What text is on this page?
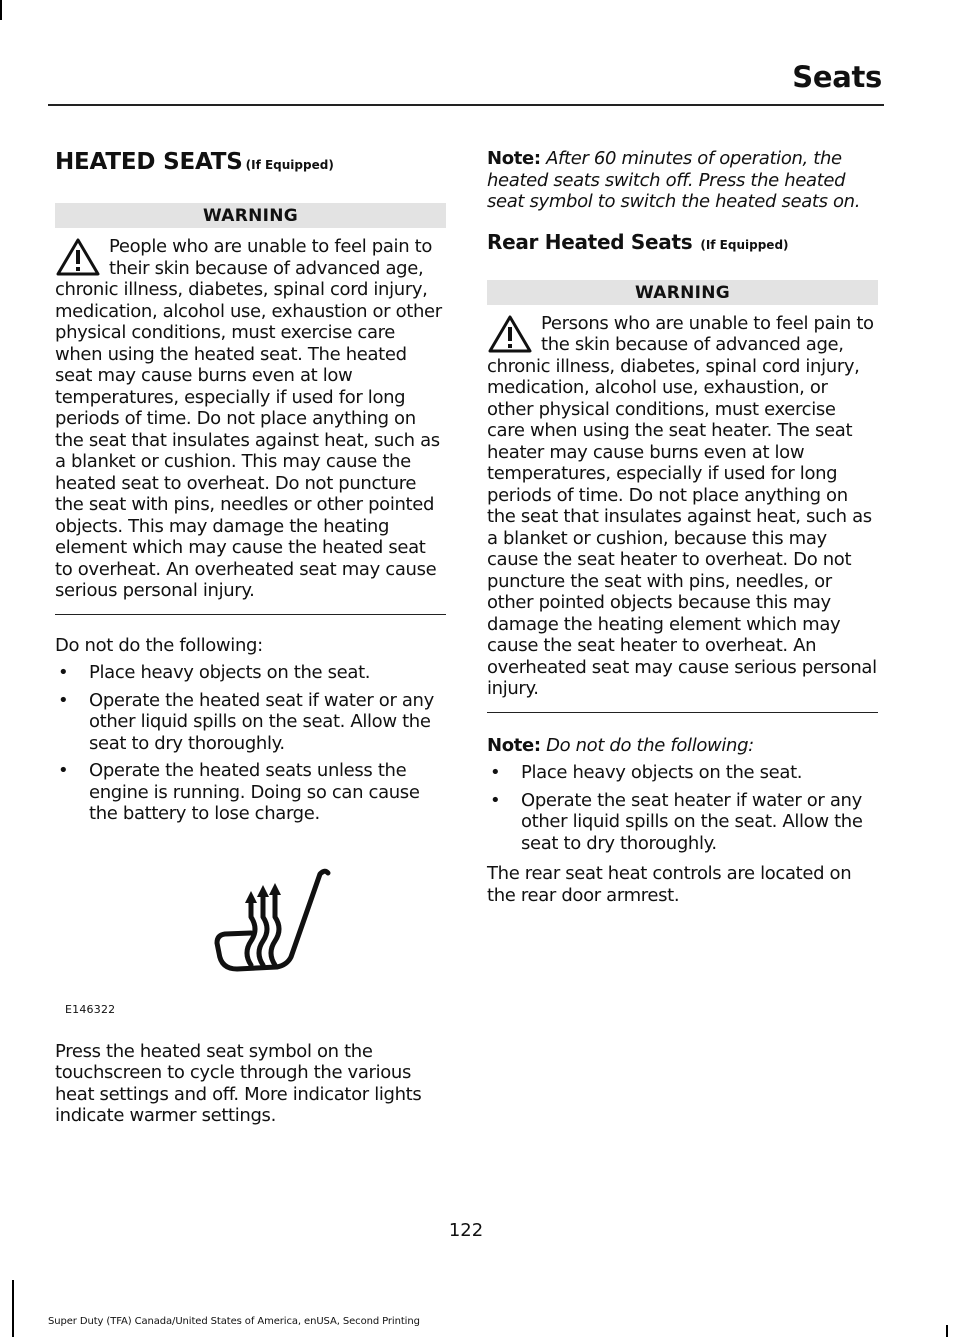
Seats
HEATED SEATS (If Equipped)
WARNING
People who are unable to feel pain to their skin because of advanced age, chronic illness, diabetes, spinal cord injury, medication, alcohol use, exhaustion or other physical conditions, must exercise care when using the heated seat. The heated seat may cause burns even at low temperatures, especially if used for long periods of time. Do not place anything on the seat that insulates against heat, such as a blanket or cushion. This may cause the heated seat to overheat. Do not puncture the seat with pins, needles or other pointed objects. This may damage the heating element which may cause the heated seat to overheat. An overheated seat may cause serious personal injury.

Do not do the following:

• Place heavy objects on the seat.
• Operate the heated seat if water or any other liquid spills on the seat. Allow the seat to dry thoroughly.
• Operate the heated seats unless the engine is running. Doing so can cause the battery to lose charge.
E146322

Press the heated seat symbol on the touchscreen to cycle through the various heat settings and off. More indicator lights indicate warmer settings.

Note: After 60 minutes of operation, the heated seats switch off. Press the heated seat symbol to switch the heated seats on.

Rear Heated Seats (If Equipped)
WARNING
Persons who are unable to feel pain to the skin because of advanced age, chronic illness, diabetes, spinal cord injury, medication, alcohol use, exhaustion, or other physical conditions, must exercise care when using the seat heater. The seat heater may cause burns even at low temperatures, especially if used for long periods of time. Do not place anything on the seat that insulates against heat, such as a blanket or cushion, because this may cause the seat heater to overheat. Do not puncture the seat with pins, needles, or other pointed objects because this may damage the heating element which may cause the seat heater to overheat. An overheated seat may cause serious personal injury.

Note: Do not do the following:

• Place heavy objects on the seat.
• Operate the seat heater if water or any other liquid spills on the seat. Allow the seat to dry thoroughly.

The rear seat heat controls are located on the rear door armrest.

122
Super Duty (TFA) Canada/United States of America, enUSA, Second Printing
